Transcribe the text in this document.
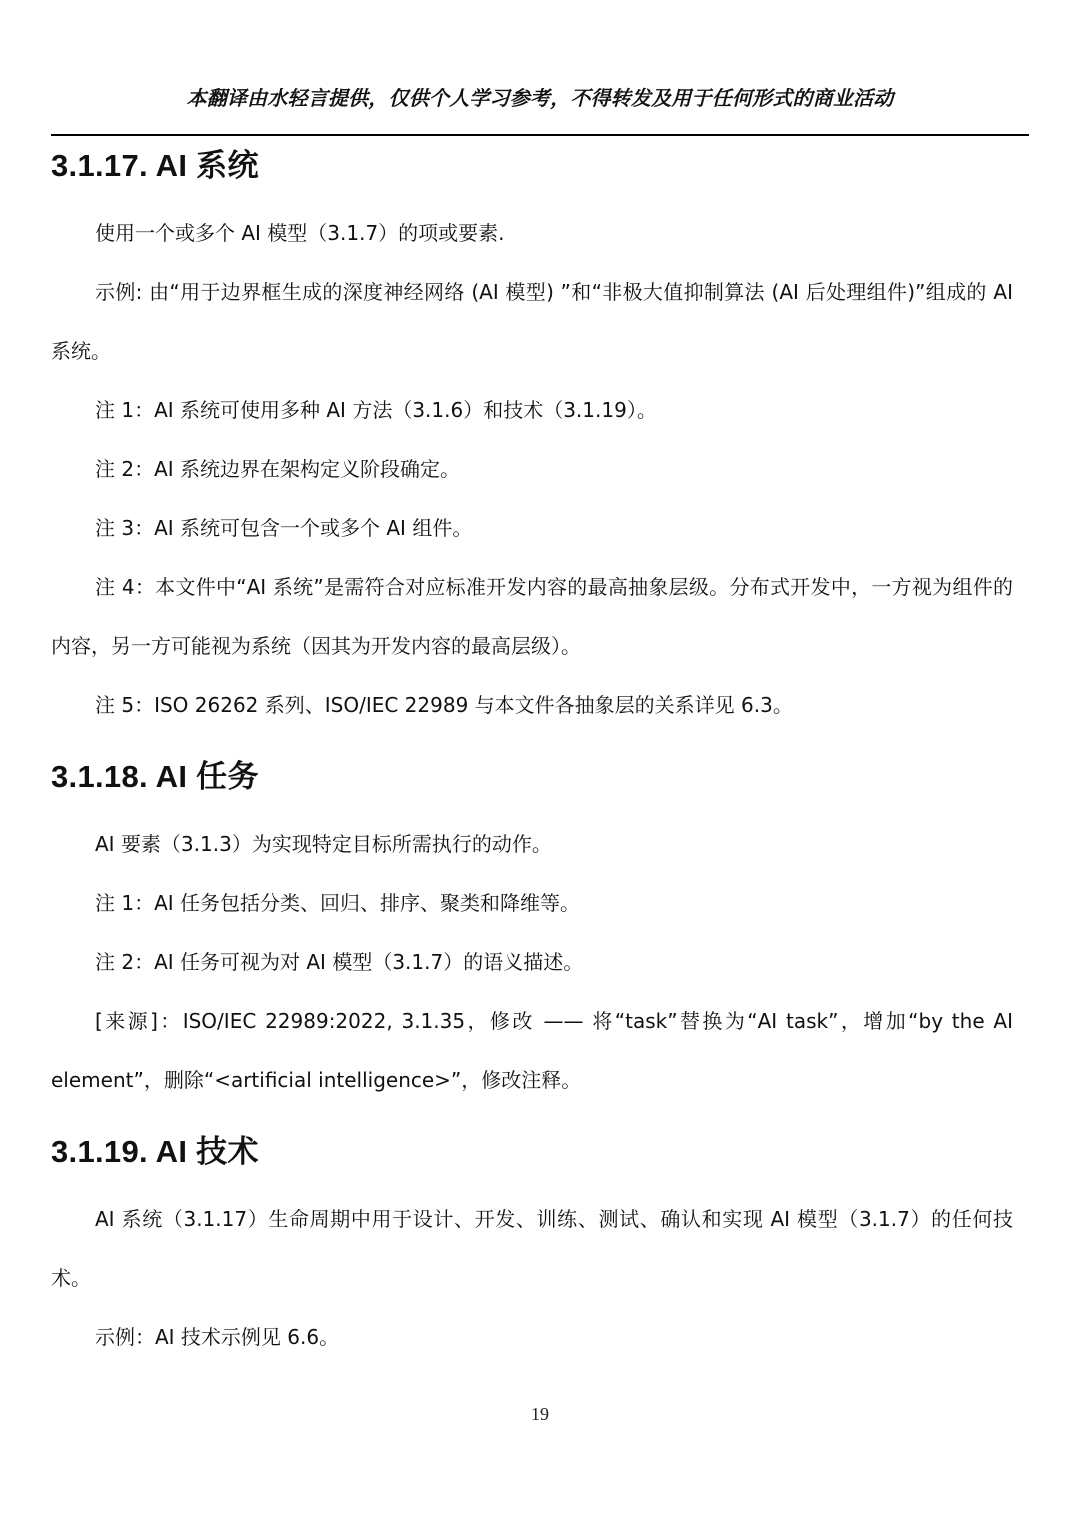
本翻译由水轻言提供，仅供个人学习参考，不得转发及用于任何形式的商业活动
3.1.17. AI 系统

使用一个或多个 AI 模型（3.1.7）的项或要素.

示例: 由“用于边界框生成的深度神经网络 (AI 模型) ”和“非极大值抑制算法 (AI 后处理组件)”组成的 AI 系统。

注 1：AI 系统可使用多种 AI 方法（3.1.6）和技术（3.1.19）。

注 2：AI 系统边界在架构定义阶段确定。

注 3：AI 系统可包含一个或多个 AI 组件。

注 4：本文件中“AI 系统”是需符合对应标准开发内容的最高抽象层级。分布式开发中，一方视为组件的内容，另一方可能视为系统（因其为开发内容的最高层级）。

注 5：ISO 26262 系列、ISO/IEC 22989 与本文件各抽象层的关系详见 6.3。

3.1.18. AI 任务

AI 要素（3.1.3）为实现特定目标所需执行的动作。

注 1：AI 任务包括分类、回归、排序、聚类和降维等。

注 2：AI 任务可视为对 AI 模型（3.1.7）的语义描述。

[来源]：ISO/IEC 22989:2022, 3.1.35，修改 —— 将“task”替换为“AI task”，增加“by the AI element”，删除“<artificial intelligence>”，修改注释。

3.1.19. AI 技术

AI 系统（3.1.17）生命周期中用于设计、开发、训练、测试、确认和实现 AI 模型（3.1.7）的任何技术。

示例：AI 技术示例见 6.6。

19
